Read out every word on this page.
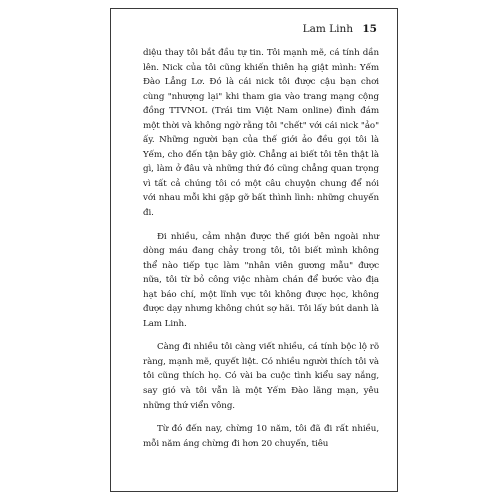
Lam Linh 15

diệu thay tôi bắt đầu tự tin. Tôi mạnh mẽ, cá tính dần lên. Nick của tôi cũng khiến thiên hạ giật mình: Yếm Đào Lẳng Lơ. Đó là cái nick tôi được cậu bạn chơi cùng "nhượng lại" khi tham gia vào trang mạng cộng đồng TTVNOL (Trái tim Việt Nam online) đình đám một thời và không ngờ rằng tôi "chết" với cái nick "ảo" ấy. Những người bạn của thế giới ảo đều gọi tôi là Yếm, cho đến tận bây giờ. Chẳng ai biết tôi tên thật là gì, làm ở đâu và những thứ đó cũng chẳng quan trọng vì tất cả chúng tôi có một câu chuyện chung để nói với nhau mỗi khi gặp gỡ bất thình lình: những chuyến đi.

Đi nhiều, cảm nhận được thế giới bên ngoài như dòng máu đang chảy trong tôi, tôi biết mình không thể nào tiếp tục làm "nhân viên gương mẫu" được nữa, tôi từ bỏ công việc nhàm chán để bước vào địa hạt báo chí, một lĩnh vực tôi không được học, không được dạy nhưng không chút sợ hãi. Tôi lấy bút danh là Lam Linh.

Càng đi nhiều tôi càng viết nhiều, cá tính bộc lộ rõ ràng, mạnh mẽ, quyết liệt. Có nhiều người thích tôi và tôi cũng thích họ. Có vài ba cuộc tình kiểu say nắng, say gió và tôi vẫn là một Yếm Đào lãng mạn, yêu những thứ viển vông.

Từ đó đến nay, chừng 10 năm, tôi đã đi rất nhiều, mỗi năm áng chừng đi hơn 20 chuyến, tiêu
